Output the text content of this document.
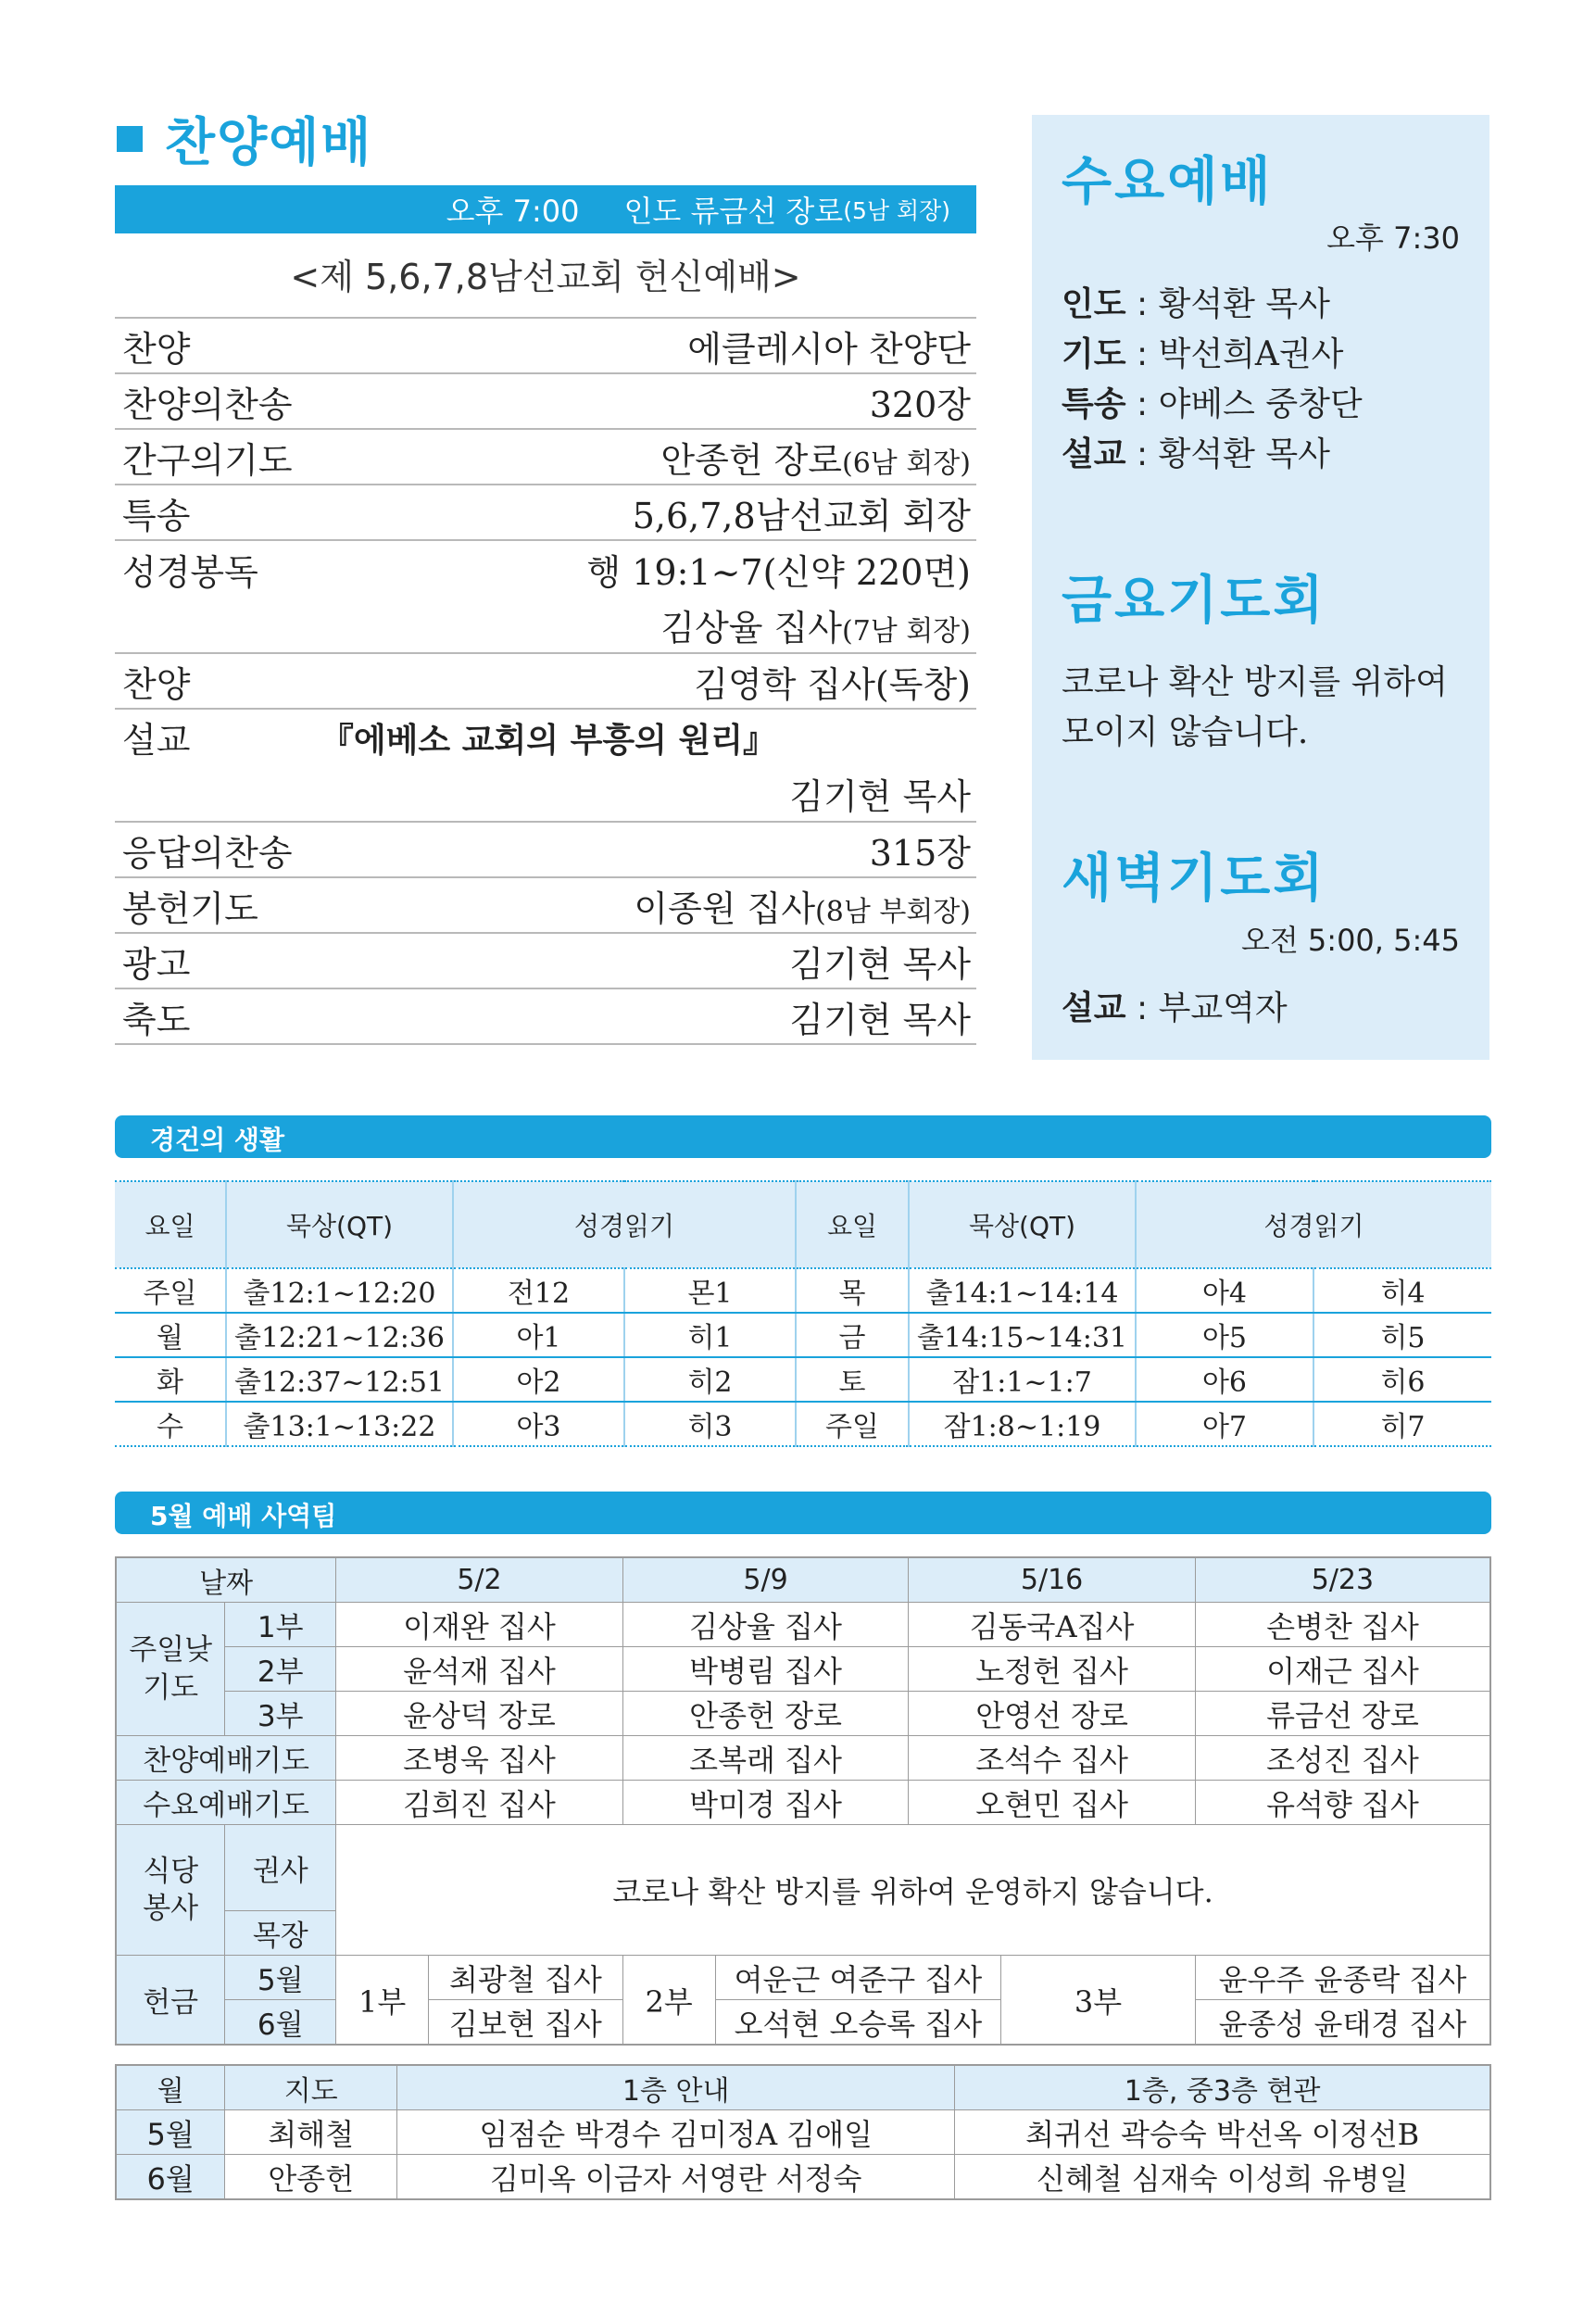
찬양예배
오후 7:00 인도 류금선 장로 (5남 회장)
<제 5,6,7,8남선교회 헌신예배>
찬양	에클레시아 찬양단
찬양의찬송	320장
간구의기도	안종헌 장로(6남 회장)
특송	5,6,7,8남선교회 회장
성경봉독	행 19:1~7(신약 220면)
김상율 집사(7남 회장)
찬양	김영학 집사(독창)
설교	『에베소 교회의 부흥의 원리』
김기현 목사
응답의찬송	315장
봉헌기도	이종원 집사(8남 부회장)
광고	김기현 목사
축도	김기현 목사
수요예배
오후 7:30
인도 : 황석환 목사
기도 : 박선희A권사
특송 : 야베스 중창단
설교 : 황석환 목사
금요기도회
코로나 확산 방지를 위하여
모이지 않습니다.
새벽기도회
오전 5:00, 5:45
설교 : 부교역자
경건의 생활
요일	묵상(QT)	성경읽기		요일	묵상(QT)	성경읽기	
주일	출12:1~12:20	전12	몬1	목	출14:1~14:14	아4	히4
월	출12:21~12:36	아1	히1	금	출14:15~14:31	아5	히5
화	출12:37~12:51	아2	히2	토	잠1:1~1:7	아6	히6
수	출13:1~13:22	아3	히3	주일	잠1:8~1:19	아7	히7
5월 예배 사역팀
날짜		5/2		5/9		5/16		5/23
주일낮
기도	1부	이재완 집사		김상율 집사		김동국A집사		손병찬 집사
	2부	윤석재 집사		박병림 집사		노정헌 집사		이재근 집사
	3부	윤상덕 장로		안종헌 장로		안영선 장로		류금선 장로
찬양예배기도		조병욱 집사		조복래 집사		조석수 집사		조성진 집사
수요예배기도		김희진 집사		박미경 집사		오현민 집사		유석향 집사
식당
봉사	권사	코로나 확산 방지를 위하여 운영하지 않습니다.						
	목장							
헌금	5월	1부	최광철 집사	2부	여운근 여준구 집사		3부	윤우주 윤종락 집사
	6월		김보현 집사		오석현 오승록 집사			윤종성 윤태경 집사
월	지도	1층 안내	1층, 중3층 현관
5월	최해철	임점순 박경수 김미정A 김애일	최귀선 곽승숙 박선옥 이정선B
6월	안종헌	김미옥 이금자 서영란 서정숙	신혜철 심재숙 이성희 유병일
